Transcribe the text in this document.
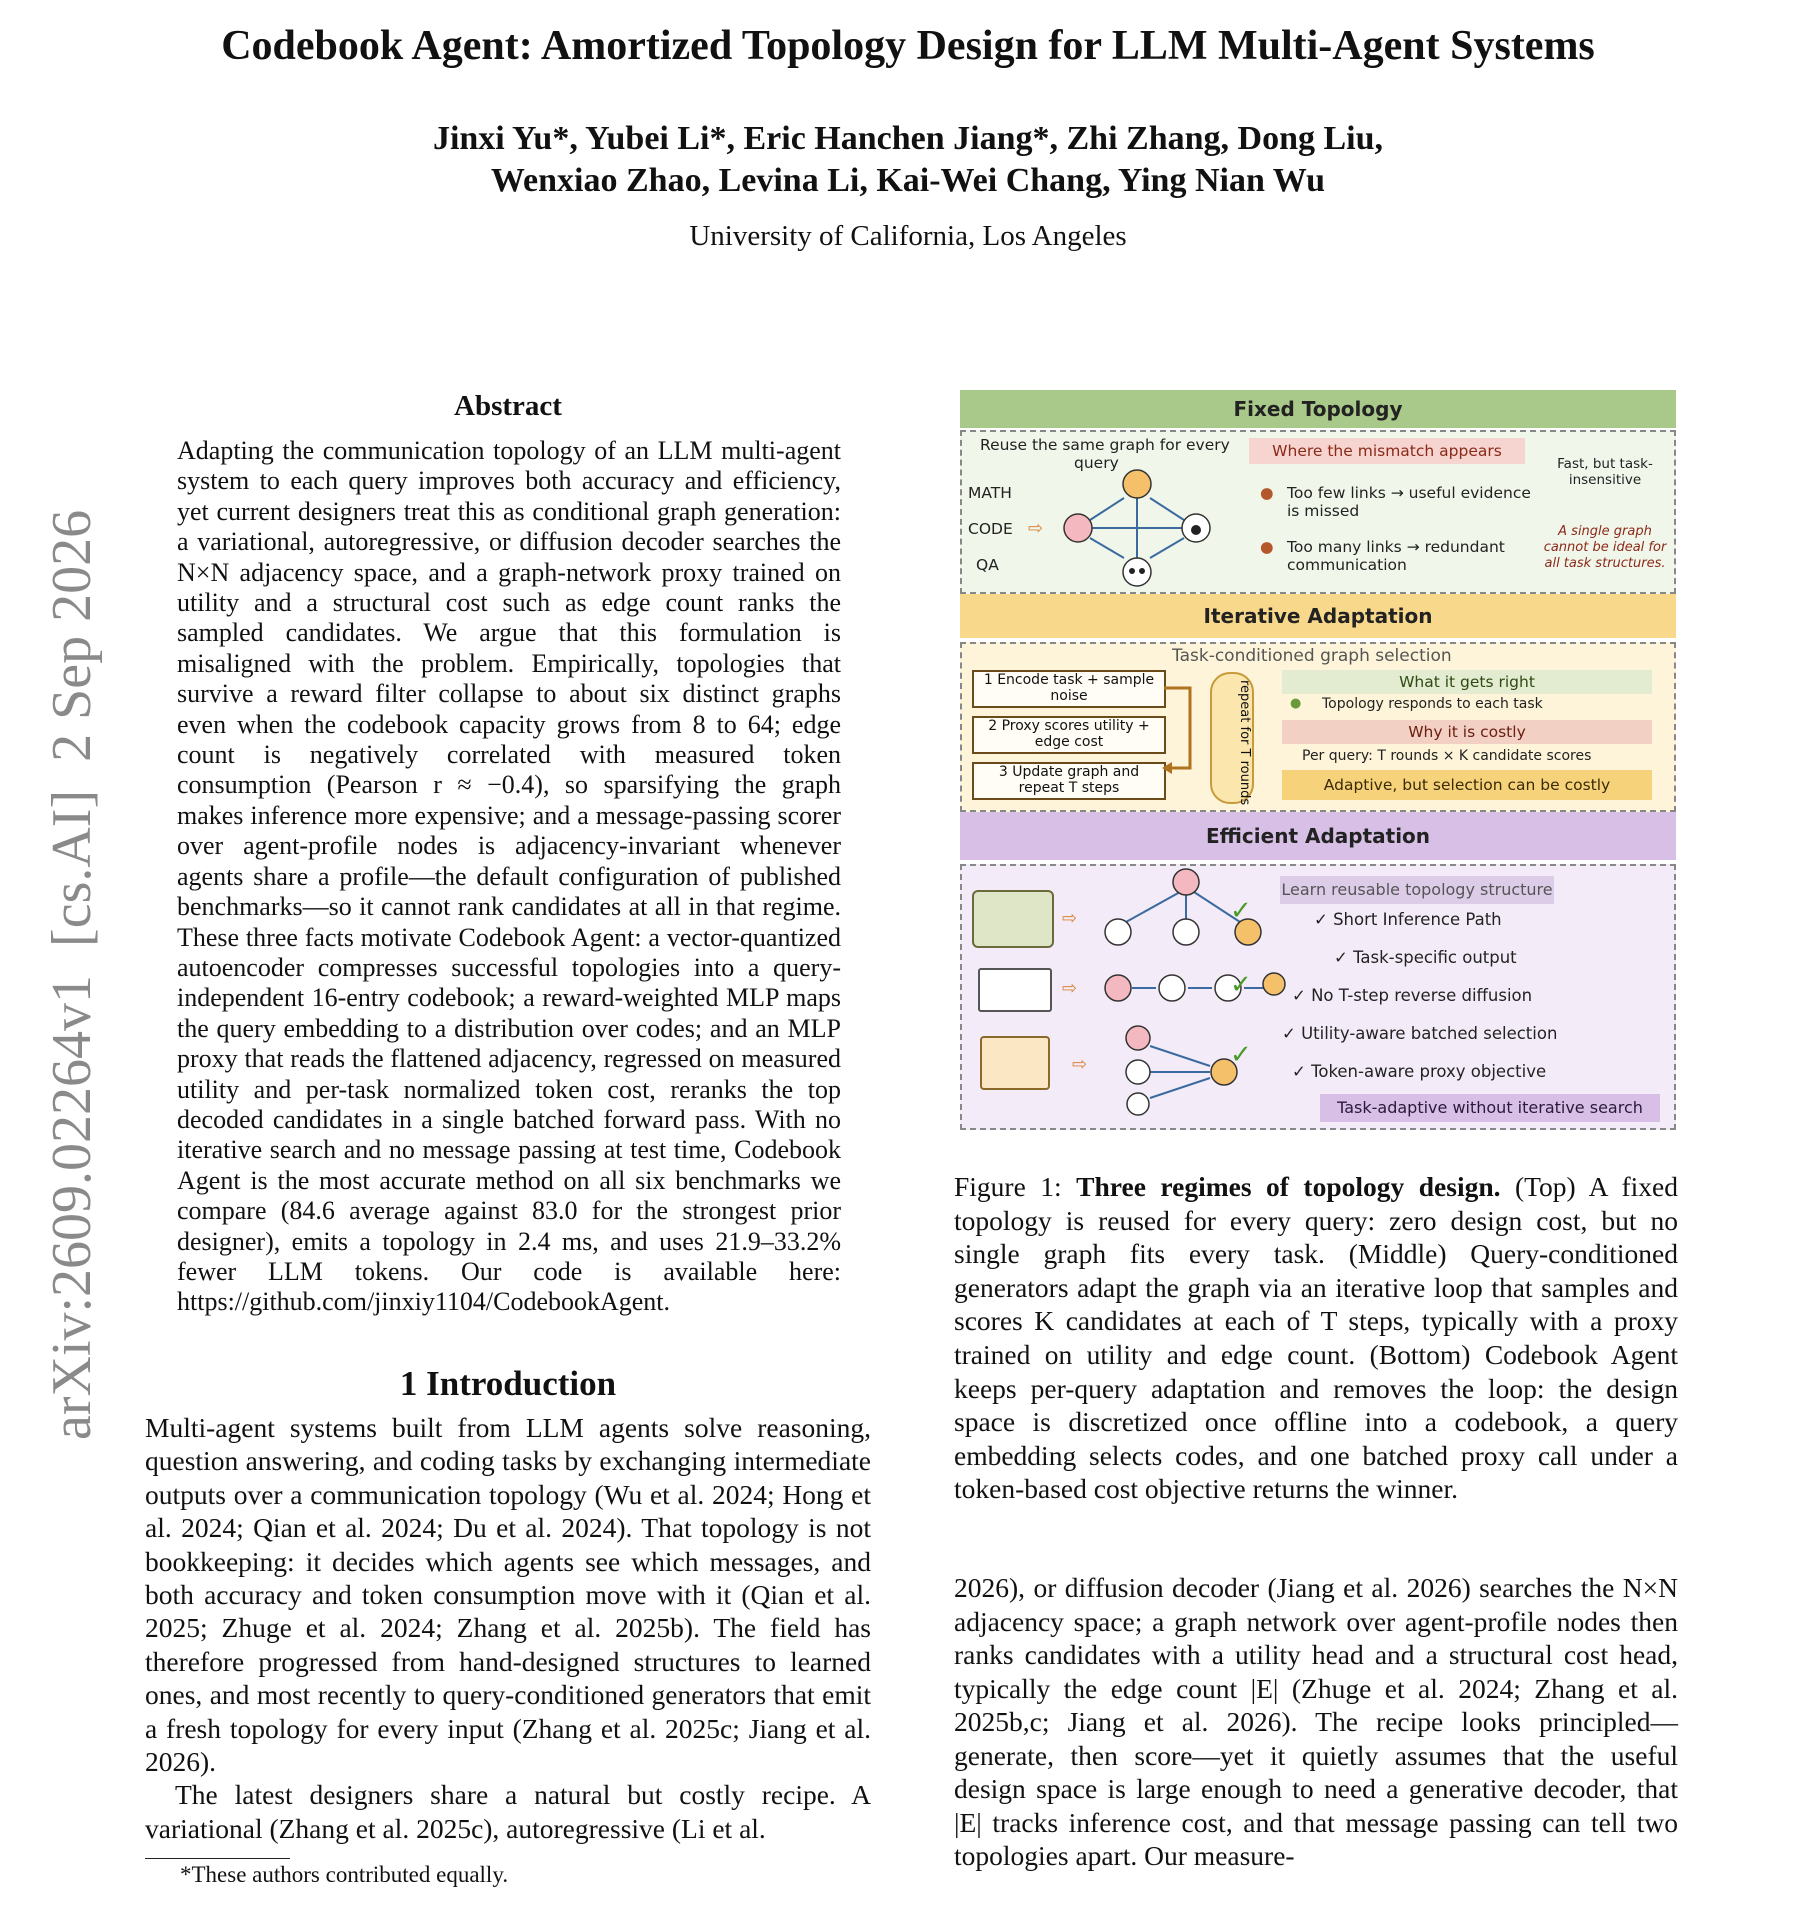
Codebook Agent: Amortized Topology Design for LLM Multi-Agent Systems
Jinxi Yu*, Yubei Li*, Eric Hanchen Jiang*, Zhi Zhang, Dong Liu,
Wenxiao Zhao, Levina Li, Kai-Wei Chang, Ying Nian Wu
University of California, Los Angeles
arXiv:2609.02264v1  [cs.AI]  2 Sep 2026
Abstract
Adapting the communication topology of an LLM multi-agent system to each query improves both accuracy and efficiency, yet current designers treat this as conditional graph generation: a variational, autoregressive, or diffusion decoder searches the N×N adjacency space, and a graph-network proxy trained on utility and a structural cost such as edge count ranks the sampled candidates. We argue that this formulation is misaligned with the problem. Empirically, topologies that survive a reward filter collapse to about six distinct graphs even when the codebook capacity grows from 8 to 64; edge count is negatively correlated with measured token consumption (Pearson r ≈ −0.4), so sparsifying the graph makes inference more expensive; and a message-passing scorer over agent-profile nodes is adjacency-invariant whenever agents share a profile—the default configuration of published benchmarks—so it cannot rank candidates at all in that regime. These three facts motivate Codebook Agent: a vector-quantized autoencoder compresses successful topologies into a query-independent 16-entry codebook; a reward-weighted MLP maps the query embedding to a distribution over codes; and an MLP proxy that reads the flattened adjacency, regressed on measured utility and per-task normalized token cost, reranks the top decoded candidates in a single batched forward pass. With no iterative search and no message passing at test time, Codebook Agent is the most accurate method on all six benchmarks we compare (84.6 average against 83.0 for the strongest prior designer), emits a topology in 2.4 ms, and uses 21.9–33.2% fewer LLM tokens. Our code is available here: https://github.com/jinxiy1104/CodebookAgent.
1 Introduction

Multi-agent systems built from LLM agents solve reasoning, question answering, and coding tasks by exchanging intermediate outputs over a communication topology (Wu et al. 2024; Hong et al. 2024; Qian et al. 2024; Du et al. 2024). That topology is not bookkeeping: it decides which agents see which messages, and both accuracy and token consumption move with it (Qian et al. 2025; Zhuge et al. 2024; Zhang et al. 2025b). The field has therefore progressed from hand-designed structures to learned ones, and most recently to query-conditioned generators that emit a fresh topology for every input (Zhang et al. 2025c; Jiang et al. 2026).

The latest designers share a natural but costly recipe. A variational (Zhang et al. 2025c), autoregressive (Li et al.

*These authors contributed equally.
Fixed Topology
Reuse the same graph for every
query
MATH
CODE ⇨
QA
Where the mismatch appears
● Too few links → useful evidence
is missed
● Too many links → redundant
communication
Fast, but task-
insensitive
A single graph
cannot be ideal for
all task structures.
Iterative Adaptation
Task-conditioned graph selection
1 Encode task + sample
noise
2 Proxy scores utility +
edge cost
3 Update graph and
repeat T steps	repeat for T rounds	What it gets right
● Topology responds to each task
Why it is costly
Per query: T rounds × K candidate scores
Adaptive, but selection can be costly
Efficient Adaptation
⇨
⇨
⇨
✓
✓
✓
Learn reusable topology structure
✓ Short Inference Path
✓ Task-specific output
✓ No T-step reverse diffusion
✓ Utility-aware batched selection
✓ Token-aware proxy objective
Task-adaptive without iterative search

Figure 1: Three regimes of topology design. (Top) A fixed topology is reused for every query: zero design cost, but no single graph fits every task. (Middle) Query-conditioned generators adapt the graph via an iterative loop that samples and scores K candidates at each of T steps, typically with a proxy trained on utility and edge count. (Bottom) Codebook Agent keeps per-query adaptation and removes the loop: the design space is discretized once offline into a codebook, a query embedding selects codes, and one batched proxy call under a token-based cost objective returns the winner.

2026), or diffusion decoder (Jiang et al. 2026) searches the N×N adjacency space; a graph network over agent-profile nodes then ranks candidates with a utility head and a structural cost head, typically the edge count |E| (Zhuge et al. 2024; Zhang et al. 2025b,c; Jiang et al. 2026). The recipe looks principled—generate, then score—yet it quietly assumes that the useful design space is large enough to need a generative decoder, that |E| tracks inference cost, and that message passing can tell two topologies apart. Our measure-
